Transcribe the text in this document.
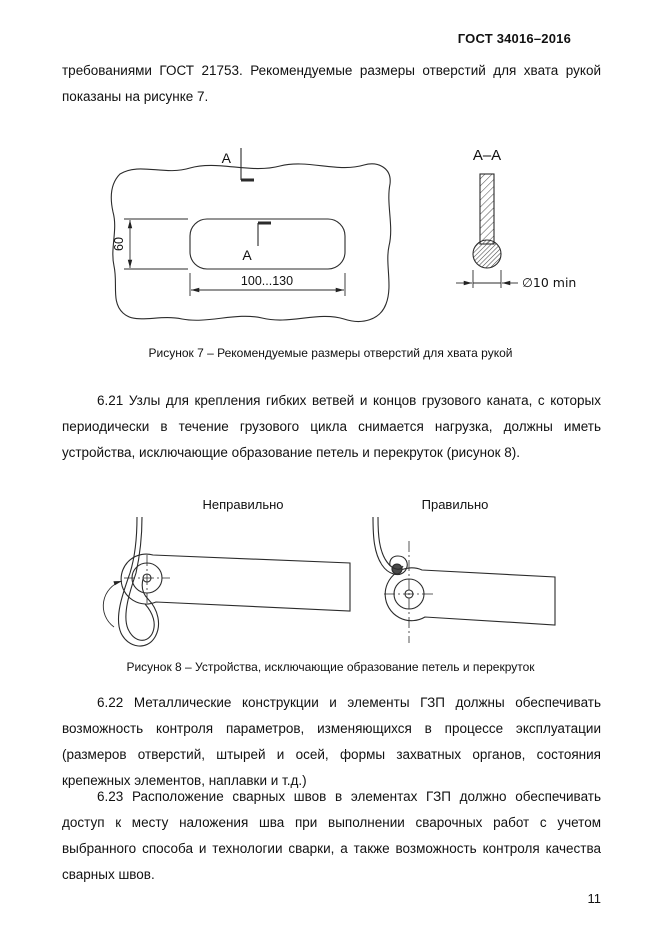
ГОСТ 34016–2016
требованиями ГОСТ 21753. Рекомендуемые размеры отверстий для хвата рукой показаны на рисунке 7.
A
A
60
100...130
A–A
∅10 min
Рисунок 7 – Рекомендуемые размеры отверстий для хвата рукой
6.21 Узлы для крепления гибких ветвей и концов грузового каната, с которых периодически в течение грузового цикла снимается нагрузка, должны иметь устройства, исключающие образование петель и перекруток (рисунок 8).
Неправильно	Правильно
Рисунок 8 – Устройства, исключающие образование петель и перекруток
6.22 Металлические конструкции и элементы ГЗП должны обеспечивать возможность контроля параметров, изменяющихся в процессе эксплуатации (размеров отверстий, штырей и осей, формы захватных органов, состояния крепежных элементов, наплавки и т.д.)
6.23 Расположение сварных швов в элементах ГЗП должно обеспечивать доступ к месту наложения шва при выполнении сварочных работ с учетом выбранного способа и технологии сварки, а также возможность контроля качества сварных швов.
11
